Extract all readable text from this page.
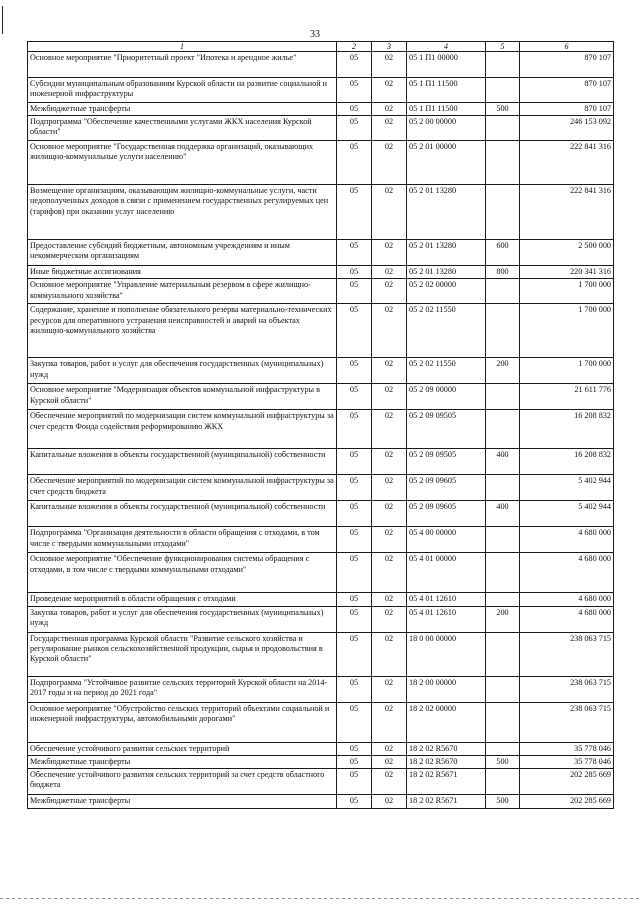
33
1	2	3	4	5	6
Основное мероприятие "Приоритетный проект "Ипотека и арендное жилье"	05	02	05 1 П1 00000		870 107
Субсидии муниципальным образованиям Курской области на развитие социальной и инженерной инфраструктуры	05	02	05 1 П1 11500		870 107
Межбюджетные трансферты	05	02	05 1 П1 11500	500	870 107
Подпрограмма "Обеспечение качественными услугами ЖКХ населения Курской области"	05	02	05 2 00 00000		246 153 092
Основное мероприятие "Государственная поддержка организаций, оказывающих жилищно-коммунальные услуги населению"	05	02	05 2 01 00000		222 841 316
Возмещение организациям, оказывающим жилищно-коммунальные услуги, части недополученных доходов в связи с применением государственных регулируемых цен (тарифов) при оказании услуг населению	05	02	05 2 01 13280		222 841 316
Предоставление субсидий бюджетным, автономным учреждениям и иным некоммерческим организациям	05	02	05 2 01 13280	600	2 500 000
Иные бюджетные ассигнования	05	02	05 2 01 13280	800	220 341 316
Основное мероприятие "Управление материальным резервом в сфере жилищно-коммунального хозяйства"	05	02	05 2 02 00000		1 700 000
Содержание, хранение и пополнение обязательного резерва материально-технических ресурсов для оперативного устранения неисправностей и аварий на объектах жилищно-коммунального хозяйства	05	02	05 2 02 11550		1 700 000
Закупка товаров, работ и услуг для обеспечения государственных (муниципальных) нужд	05	02	05 2 02 11550	200	1 700 000
Основное мероприятие "Модернизация объектов коммунальной инфраструктуры в Курской области"	05	02	05 2 09 00000		21 611 776
Обеспечение мероприятий по модернизации систем коммунальной инфраструктуры за счет средств Фонда содействия реформированию ЖКХ	05	02	05 2 09 09505		16 208 832
Капитальные вложения в объекты государственной (муниципальной) собственности	05	02	05 2 09 09505	400	16 208 832
Обеспечение мероприятий по модернизации систем коммунальной инфраструктуры за счет средств бюджета	05	02	05 2 09 09605		5 402 944
Капитальные вложения в объекты государственной (муниципальной) собственности	05	02	05 2 09 09605	400	5 402 944
Подпрограмма "Организация деятельности в области обращения с отходами, в том числе с твердыми коммунальными отходами"	05	02	05 4 00 00000		4 680 000
Основное мероприятие "Обеспечение функционирования системы обращения с отходами, в том числе с твердыми коммунальными отходами"	05	02	05 4 01 00000		4 680 000
Проведение мероприятий в области обращения с отходами	05	02	05 4 01 12610		4 680 000
Закупка товаров, работ и услуг для обеспечения государственных (муниципальных) нужд	05	02	05 4 01 12610	200	4 680 000
Государственная программа Курской области "Развитие сельского хозяйства и регулирование рынков сельскохозяйственной продукции, сырья и продовольствия в Курской области"	05	02	18 0 00 00000		238 063 715
Подпрограмма "Устойчивое развитие сельских территорий Курской области на 2014-2017 годы и на период до 2021 года"	05	02	18 2 00 00000		238 063 715
Основное мероприятие "Обустройство сельских территорий объектами социальной и инженерной инфраструктуры, автомобильными дорогами"	05	02	18 2 02 00000		238 063 715
Обеспечение устойчивого развития сельских территорий	05	02	18 2 02 R5670		35 778 046
Межбюджетные трансферты	05	02	18 2 02 R5670	500	35 778 046
Обеспечение устойчивого развития сельских территорий за счет средств областного бюджета	05	02	18 2 02 R5671		202 285 669
Межбюджетные трансферты	05	02	18 2 02 R5671	500	202 285 669
